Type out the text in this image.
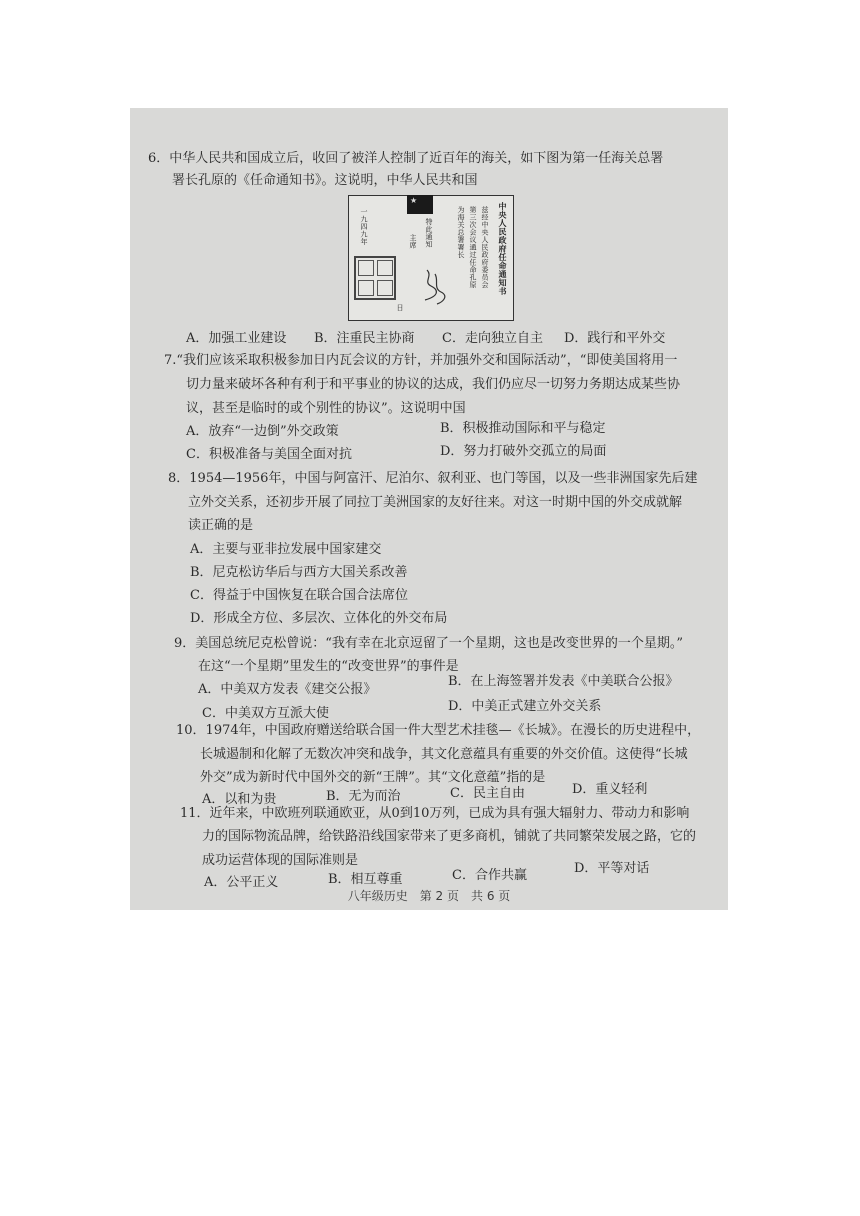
6．中华人民共和国成立后，收回了被洋人控制了近百年的海关，如下图为第一任海关总署
署长孔原的《任命通知书》。这说明，中华人民共和国
★
中央人民政府任命通知书
兹经中央人民政府委员会
第三次会议通过任命孔原
为海关总署署长
特此通知
主席
一九四九年
日
A．加强工业建设 B．注重民主协商 C．走向独立自主 D．践行和平外交
7.“我们应该采取积极参加日内瓦会议的方针，并加强外交和国际活动”，“即使美国将用一
切力量来破坏各种有利于和平事业的协议的达成，我们仍应尽一切努力务期达成某些协
议，甚至是临时的或个别性的协议”。这说明中国
A．放弃“一边倒”外交政策	B．积极推动国际和平与稳定
C．积极准备与美国全面对抗	D．努力打破外交孤立的局面
8．1954—1956年，中国与阿富汗、尼泊尔、叙利亚、也门等国，以及一些非洲国家先后建
立外交关系，还初步开展了同拉丁美洲国家的友好往来。对这一时期中国的外交成就解
读正确的是
A．主要与亚非拉发展中国家建交
B．尼克松访华后与西方大国关系改善
C．得益于中国恢复在联合国合法席位
D．形成全方位、多层次、立体化的外交布局
9．美国总统尼克松曾说：“我有幸在北京逗留了一个星期，这也是改变世界的一个星期。”
在这“一个星期”里发生的“改变世界”的事件是
A．中美双方发表《建交公报》
B．在上海签署并发表《中美联合公报》
C．中美双方互派大使	D．中美正式建立外交关系
10．1974年，中国政府赠送给联合国一件大型艺术挂毯—《长城》。在漫长的历史进程中，
长城遏制和化解了无数次冲突和战争，其文化意蕴具有重要的外交价值。这使得“长城
外交”成为新时代中国外交的新“王牌”。其“文化意蕴”指的是
A．以和为贵	B．无为而治	C．民主自由	D．重义轻利
11．近年来，中欧班列联通欧亚，从0到10万列，已成为具有强大辐射力、带动力和影响
力的国际物流品牌，给铁路沿线国家带来了更多商机，铺就了共同繁荣发展之路，它的
成功运营体现的国际准则是
A．公平正义	B．相互尊重	C．合作共赢	D．平等对话
八年级历史　第 2 页　共 6 页
